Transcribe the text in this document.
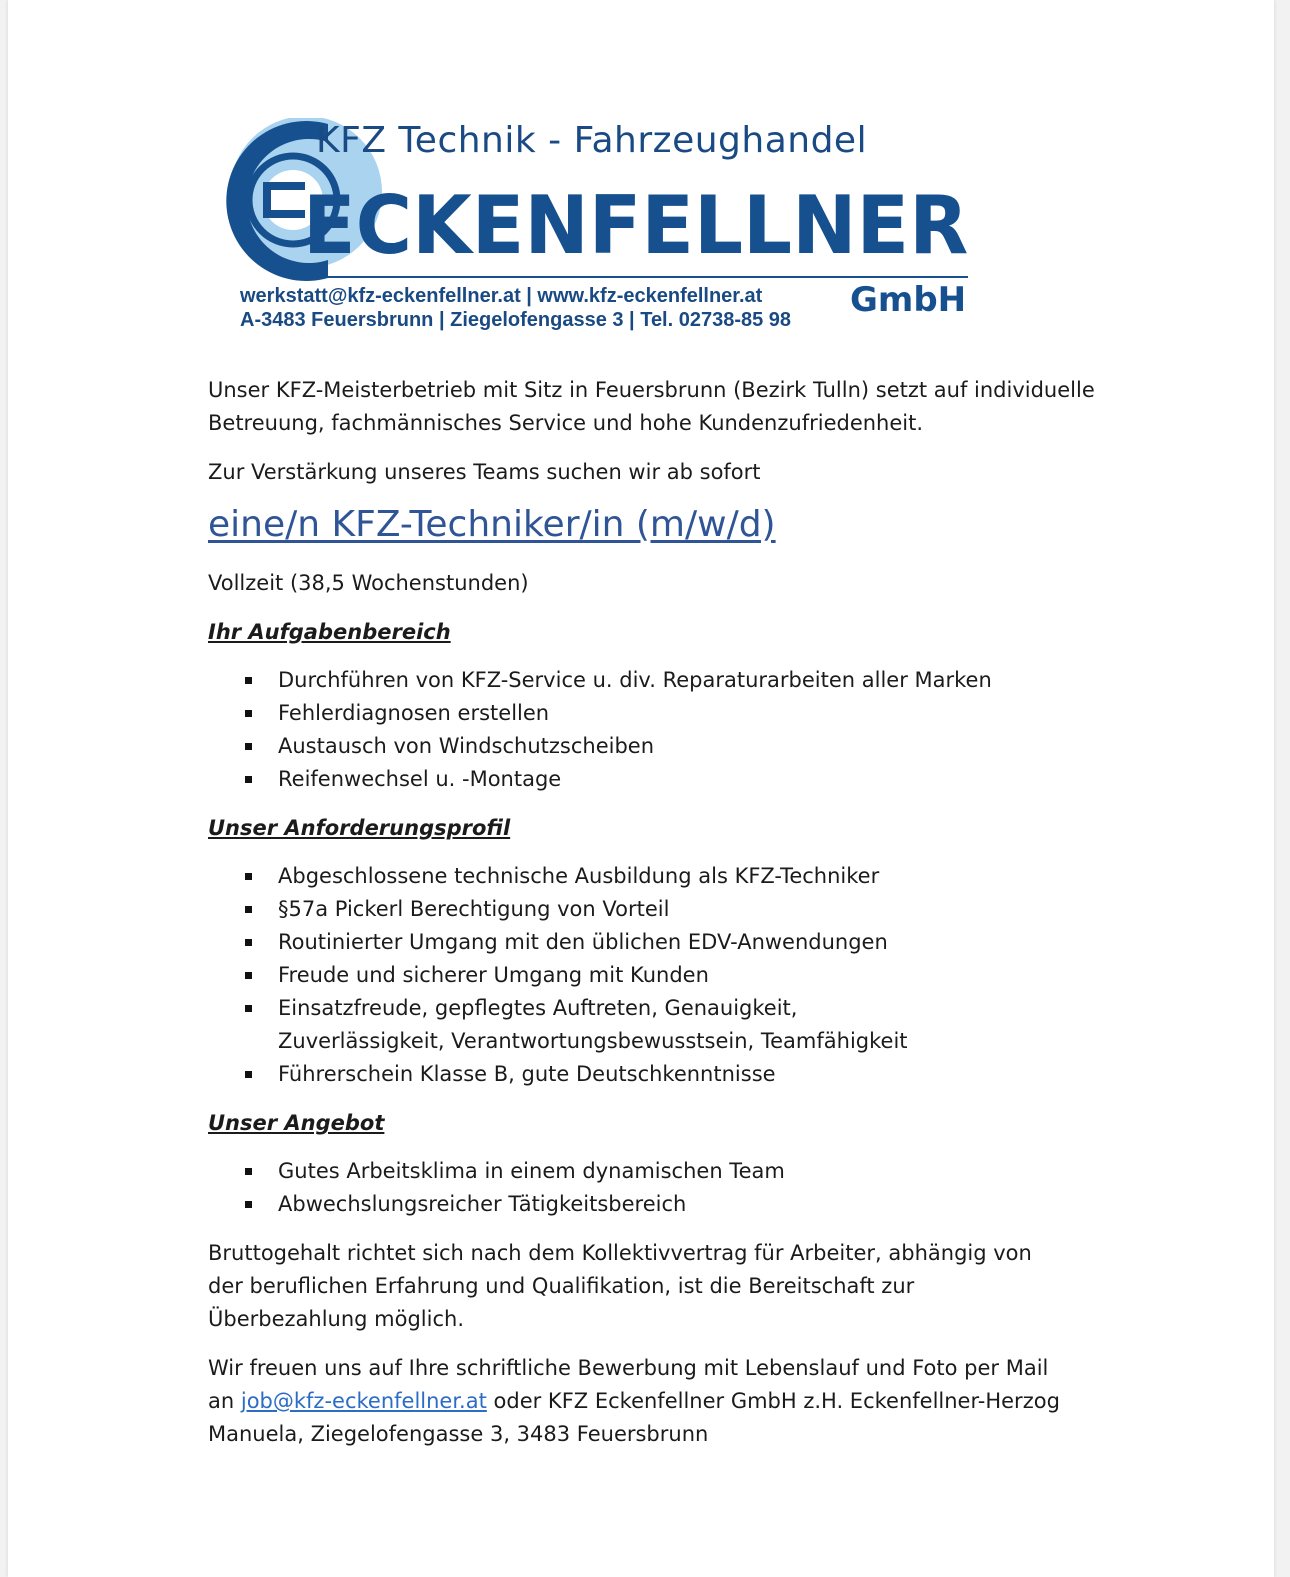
KFZ Technik - Fahrzeughandel
ECKENFELLNER
werkstatt@kfz-eckenfellner.at | www.kfz-eckenfellner.at
A-3483 Feuersbrunn | Ziegelofengasse 3 | Tel. 02738-85 98 GmbH

Unser KFZ-Meisterbetrieb mit Sitz in Feuersbrunn (Bezirk Tulln) setzt auf individuelle Betreuung, fachmännisches Service und hohe Kundenzufriedenheit.

Zur Verstärkung unseres Teams suchen wir ab sofort

eine/n KFZ-Techniker/in (m/w/d)

Vollzeit (38,5 Wochenstunden)

Ihr Aufgabenbereich

Durchführen von KFZ-Service u. div. Reparaturarbeiten aller Marken
Fehlerdiagnosen erstellen
Austausch von Windschutzscheiben
Reifenwechsel u. -Montage

Unser Anforderungsprofil

Abgeschlossene technische Ausbildung als KFZ-Techniker
§57a Pickerl Berechtigung von Vorteil
Routinierter Umgang mit den üblichen EDV-Anwendungen
Freude und sicherer Umgang mit Kunden
Einsatzfreude, gepflegtes Auftreten, Genauigkeit, Zuverlässigkeit, Verantwortungsbewusstsein, Teamfähigkeit
Führerschein Klasse B, gute Deutschkenntnisse

Unser Angebot

Gutes Arbeitsklima in einem dynamischen Team
Abwechslungsreicher Tätigkeitsbereich

Bruttogehalt richtet sich nach dem Kollektivvertrag für Arbeiter, abhängig von der beruflichen Erfahrung und Qualifikation, ist die Bereitschaft zur Überbezahlung möglich.

Wir freuen uns auf Ihre schriftliche Bewerbung mit Lebenslauf und Foto per Mail an job@kfz-eckenfellner.at oder KFZ Eckenfellner GmbH z.H. Eckenfellner-Herzog Manuela, Ziegelofengasse 3, 3483 Feuersbrunn
